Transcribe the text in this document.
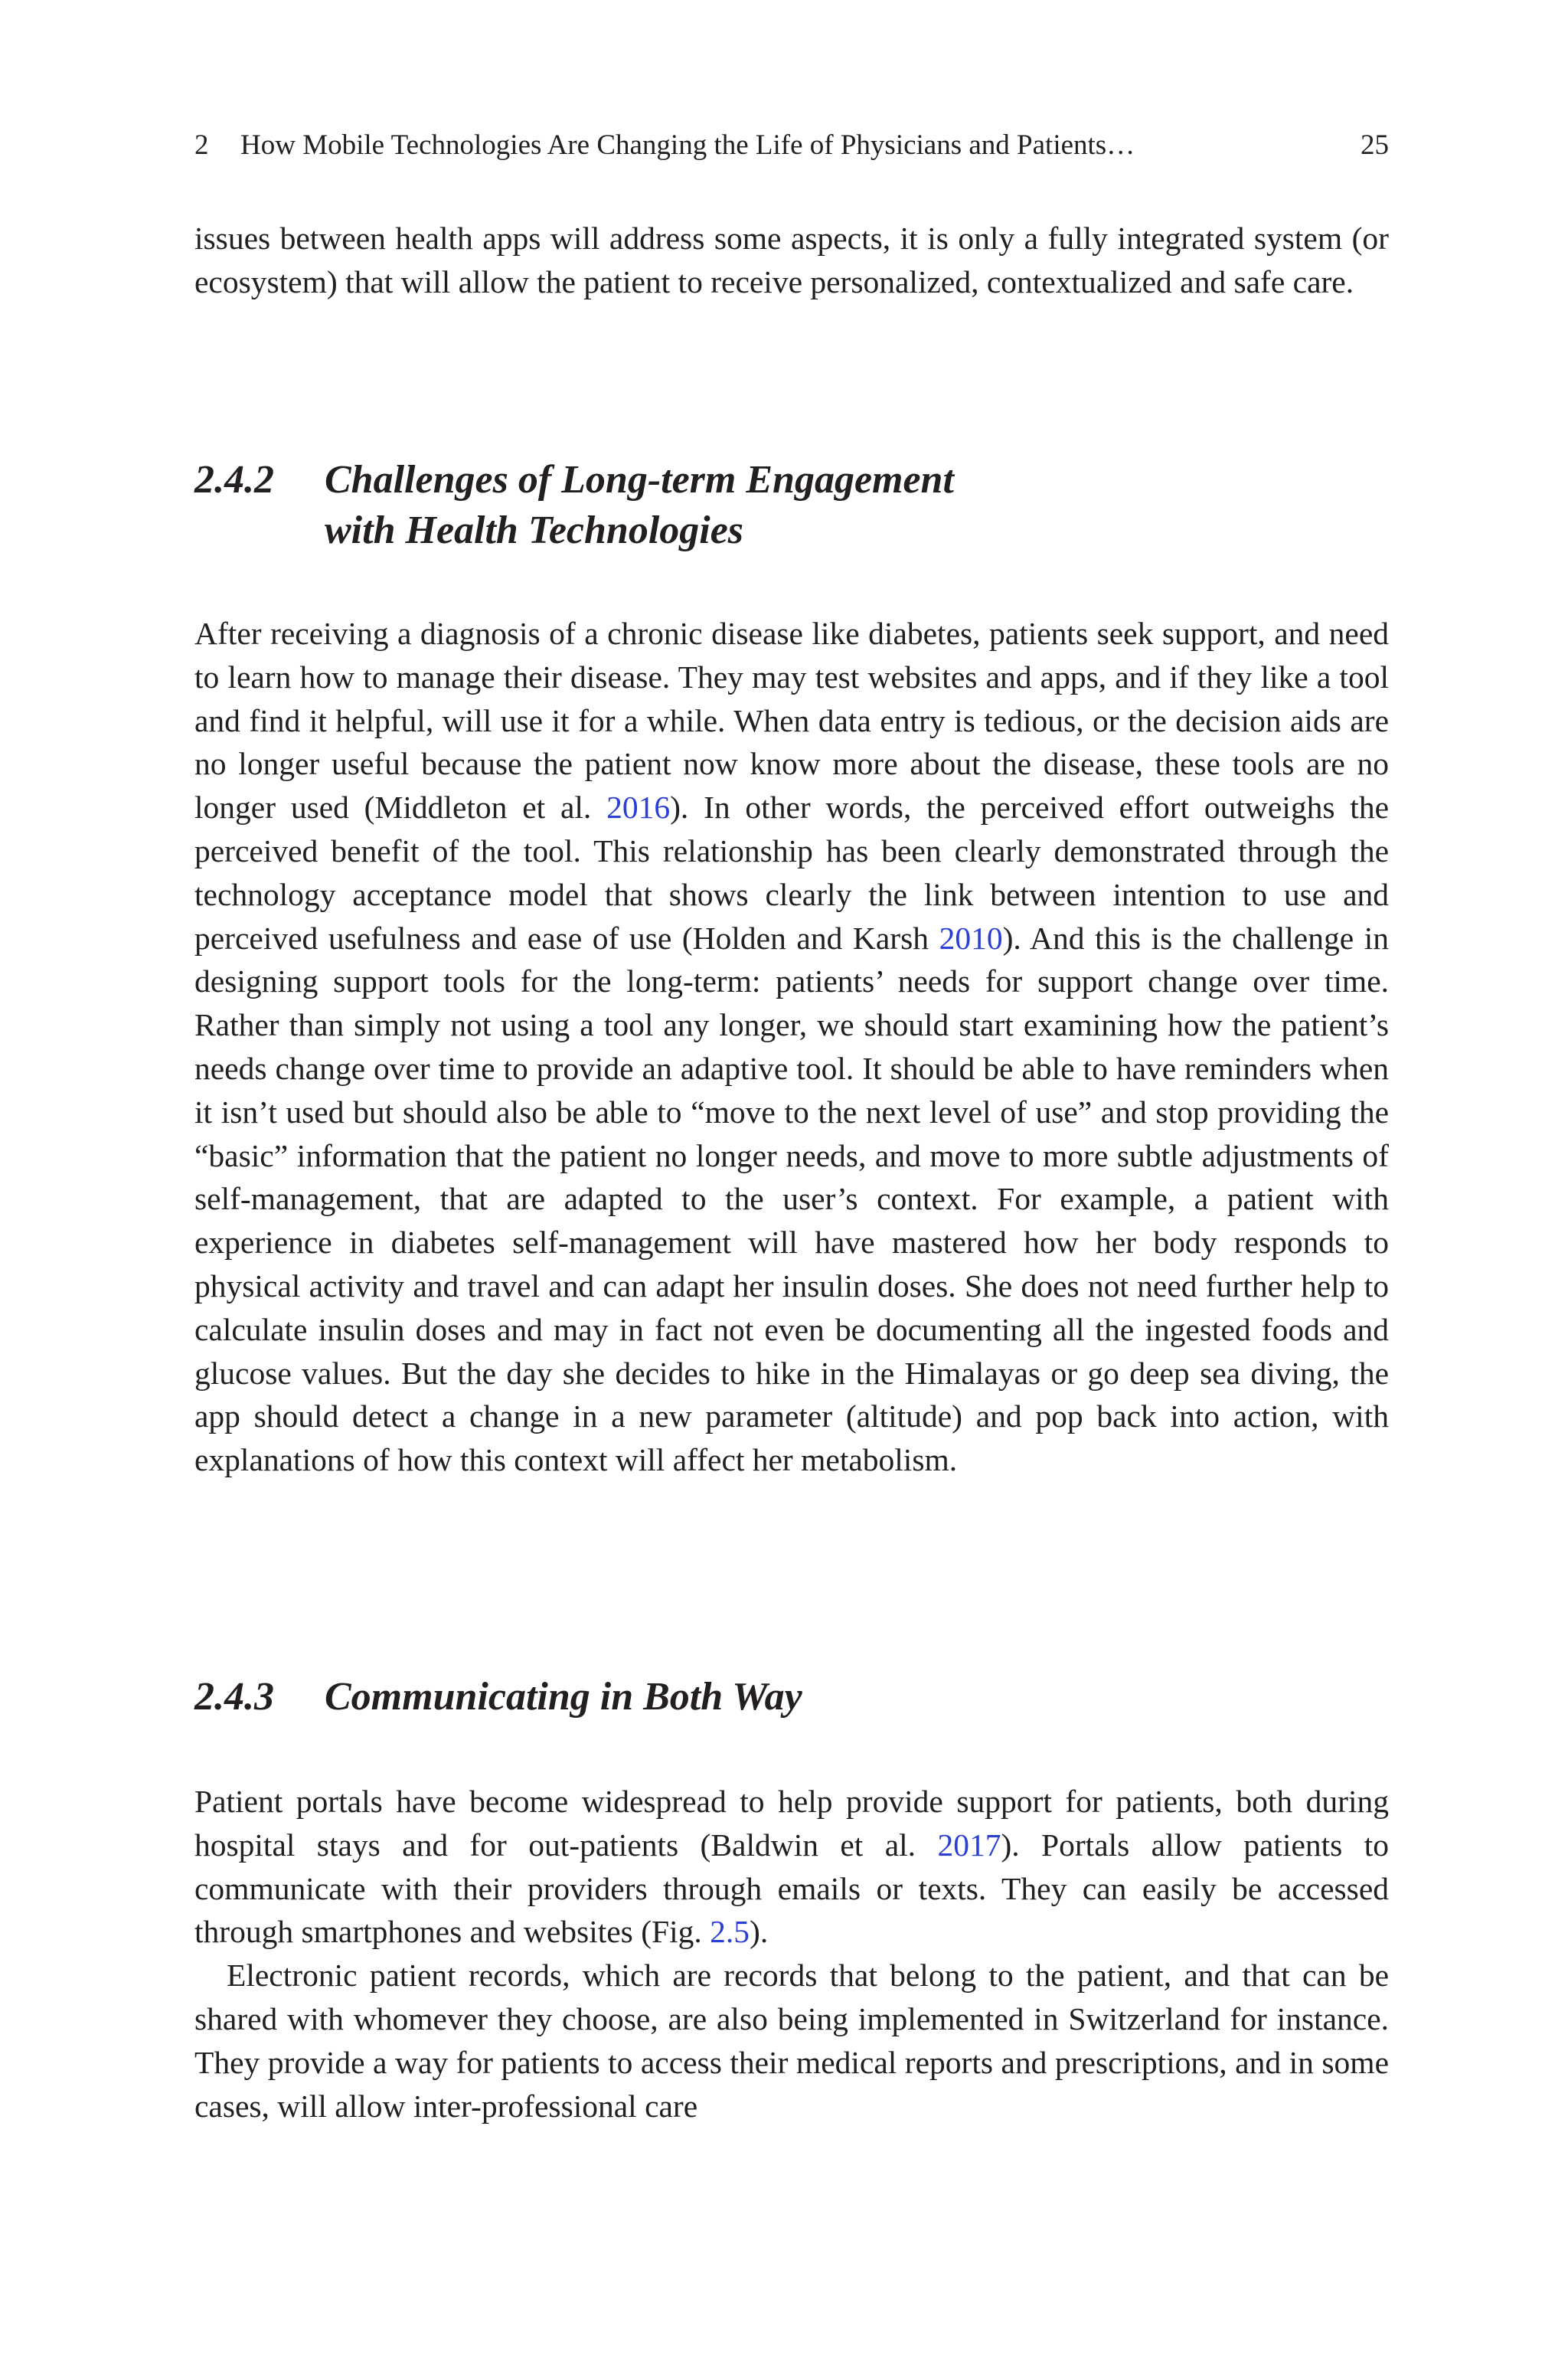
2 How Mobile Technologies Are Changing the Life of Physicians and Patients…	25

issues between health apps will address some aspects, it is only a fully integrated system (or ecosystem) that will allow the patient to receive personalized, contextualized and safe care.

2.4.2 Challenges of Long-term Engagement
with Health Technologies

After receiving a diagnosis of a chronic disease like diabetes, patients seek support, and need to learn how to manage their disease. They may test websites and apps, and if they like a tool and find it helpful, will use it for a while. When data entry is tedious, or the decision aids are no longer useful because the patient now know more about the disease, these tools are no longer used (Middleton et al. 2016). In other words, the perceived effort outweighs the perceived benefit of the tool. This relationship has been clearly demonstrated through the technology acceptance model that shows clearly the link between intention to use and perceived usefulness and ease of use (Holden and Karsh 2010). And this is the challenge in designing support tools for the long-term: patients’ needs for support change over time. Rather than simply not using a tool any longer, we should start examining how the patient’s needs change over time to provide an adaptive tool. It should be able to have reminders when it isn’t used but should also be able to “move to the next level of use” and stop providing the “basic” information that the patient no longer needs, and move to more subtle adjustments of self-management, that are adapted to the user’s context. For example, a patient with experience in diabetes self-management will have mastered how her body responds to physical activity and travel and can adapt her insulin doses. She does not need further help to calculate insulin doses and may in fact not even be documenting all the ingested foods and glucose values. But the day she decides to hike in the Himalayas or go deep sea diving, the app should detect a change in a new parameter (altitude) and pop back into action, with explanations of how this context will affect her metabolism.

2.4.3 Communicating in Both Way

Patient portals have become widespread to help provide support for patients, both during hospital stays and for out-patients (Baldwin et al. 2017). Portals allow patients to communicate with their providers through emails or texts. They can easily be accessed through smartphones and websites (Fig. 2.5).

Electronic patient records, which are records that belong to the patient, and that can be shared with whomever they choose, are also being implemented in Switzerland for instance. They provide a way for patients to access their medical reports and prescriptions, and in some cases, will allow inter-professional care
